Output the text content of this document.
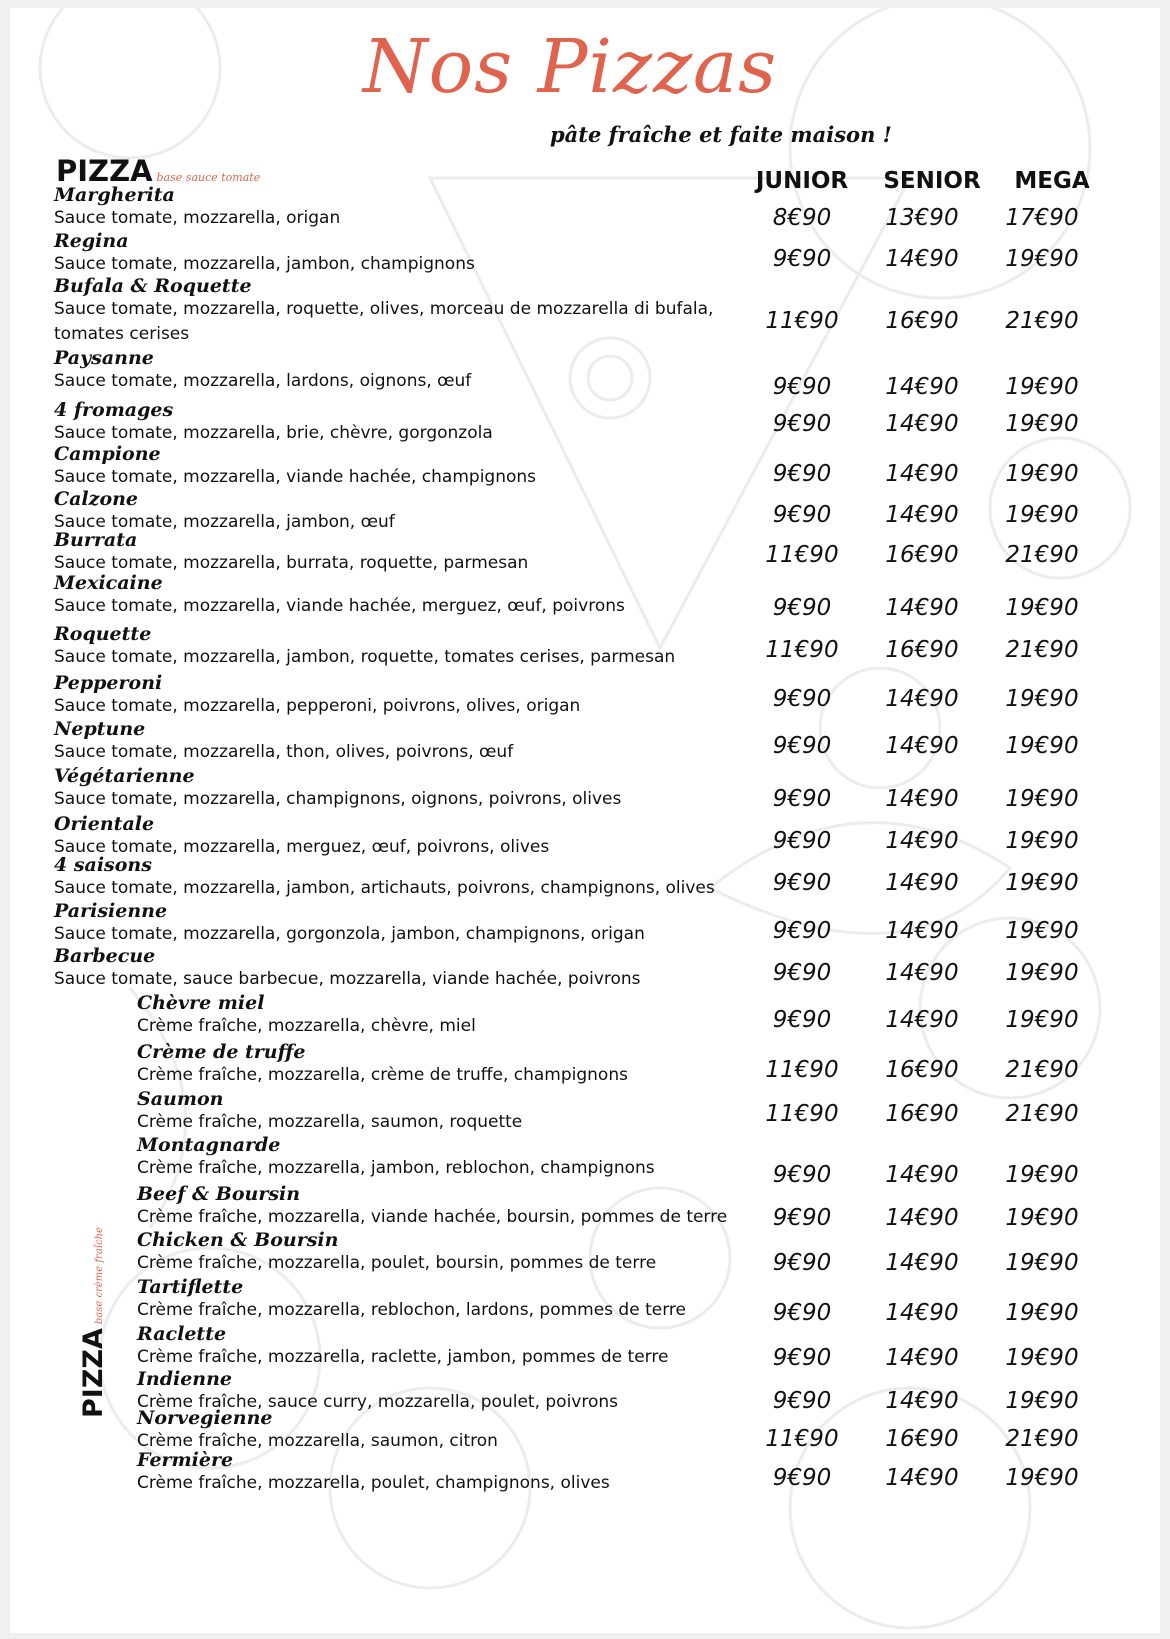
Nos Pizzas
pâte fraîche et faite maison !
PIZZA base sauce tomate	JUNIOR	SENIOR	MEGA
PIZZAbase crème fraîche
Margherita
Sauce tomate, mozzarella, origan	8€90	13€90	17€90
Regina
Sauce tomate, mozzarella, jambon, champignons	9€90	14€90	19€90
Bufala & Roquette
Sauce tomate, mozzarella, roquette, olives, morceau de mozzarella di bufala, tomates cerises	11€90	16€90	21€90
Paysanne
Sauce tomate, mozzarella, lardons, oignons, œuf	9€90	14€90	19€90
4 fromages
Sauce tomate, mozzarella, brie, chèvre, gorgonzola	9€90	14€90	19€90
Campione
Sauce tomate, mozzarella, viande hachée, champignons	9€90	14€90	19€90
Calzone
Sauce tomate, mozzarella, jambon, œuf	9€90	14€90	19€90
Burrata
Sauce tomate, mozzarella, burrata, roquette, parmesan	11€90	16€90	21€90
Mexicaine
Sauce tomate, mozzarella, viande hachée, merguez, œuf, poivrons	9€90	14€90	19€90
Roquette
Sauce tomate, mozzarella, jambon, roquette, tomates cerises, parmesan	11€90	16€90	21€90
Pepperoni
Sauce tomate, mozzarella, pepperoni, poivrons, olives, origan	9€90	14€90	19€90
Neptune
Sauce tomate, mozzarella, thon, olives, poivrons, œuf	9€90	14€90	19€90
Végétarienne
Sauce tomate, mozzarella, champignons, oignons, poivrons, olives	9€90	14€90	19€90
Orientale
Sauce tomate, mozzarella, merguez, œuf, poivrons, olives	9€90	14€90	19€90
4 saisons
Sauce tomate, mozzarella, jambon, artichauts, poivrons, champignons, olives	9€90	14€90	19€90
Parisienne
Sauce tomate, mozzarella, gorgonzola, jambon, champignons, origan	9€90	14€90	19€90
Barbecue
Sauce tomate, sauce barbecue, mozzarella, viande hachée, poivrons	9€90	14€90	19€90
Chèvre miel
Crème fraîche, mozzarella, chèvre, miel	9€90	14€90	19€90
Crème de truffe
Crème fraîche, mozzarella, crème de truffe, champignons	11€90	16€90	21€90
Saumon
Crème fraîche, mozzarella, saumon, roquette	11€90	16€90	21€90
Montagnarde
Crème fraîche, mozzarella, jambon, reblochon, champignons	9€90	14€90	19€90
Beef & Boursin
Crème fraîche, mozzarella, viande hachée, boursin, pommes de terre	9€90	14€90	19€90
Chicken & Boursin
Crème fraîche, mozzarella, poulet, boursin, pommes de terre	9€90	14€90	19€90
Tartiflette
Crème fraîche, mozzarella, reblochon, lardons, pommes de terre	9€90	14€90	19€90
Raclette
Crème fraîche, mozzarella, raclette, jambon, pommes de terre	9€90	14€90	19€90
Indienne
Crème fraîche, sauce curry, mozzarella, poulet, poivrons	9€90	14€90	19€90
Norvegienne
Crème fraîche, mozzarella, saumon, citron	11€90	16€90	21€90
Fermière
Crème fraîche, mozzarella, poulet, champignons, olives	9€90	14€90	19€90
